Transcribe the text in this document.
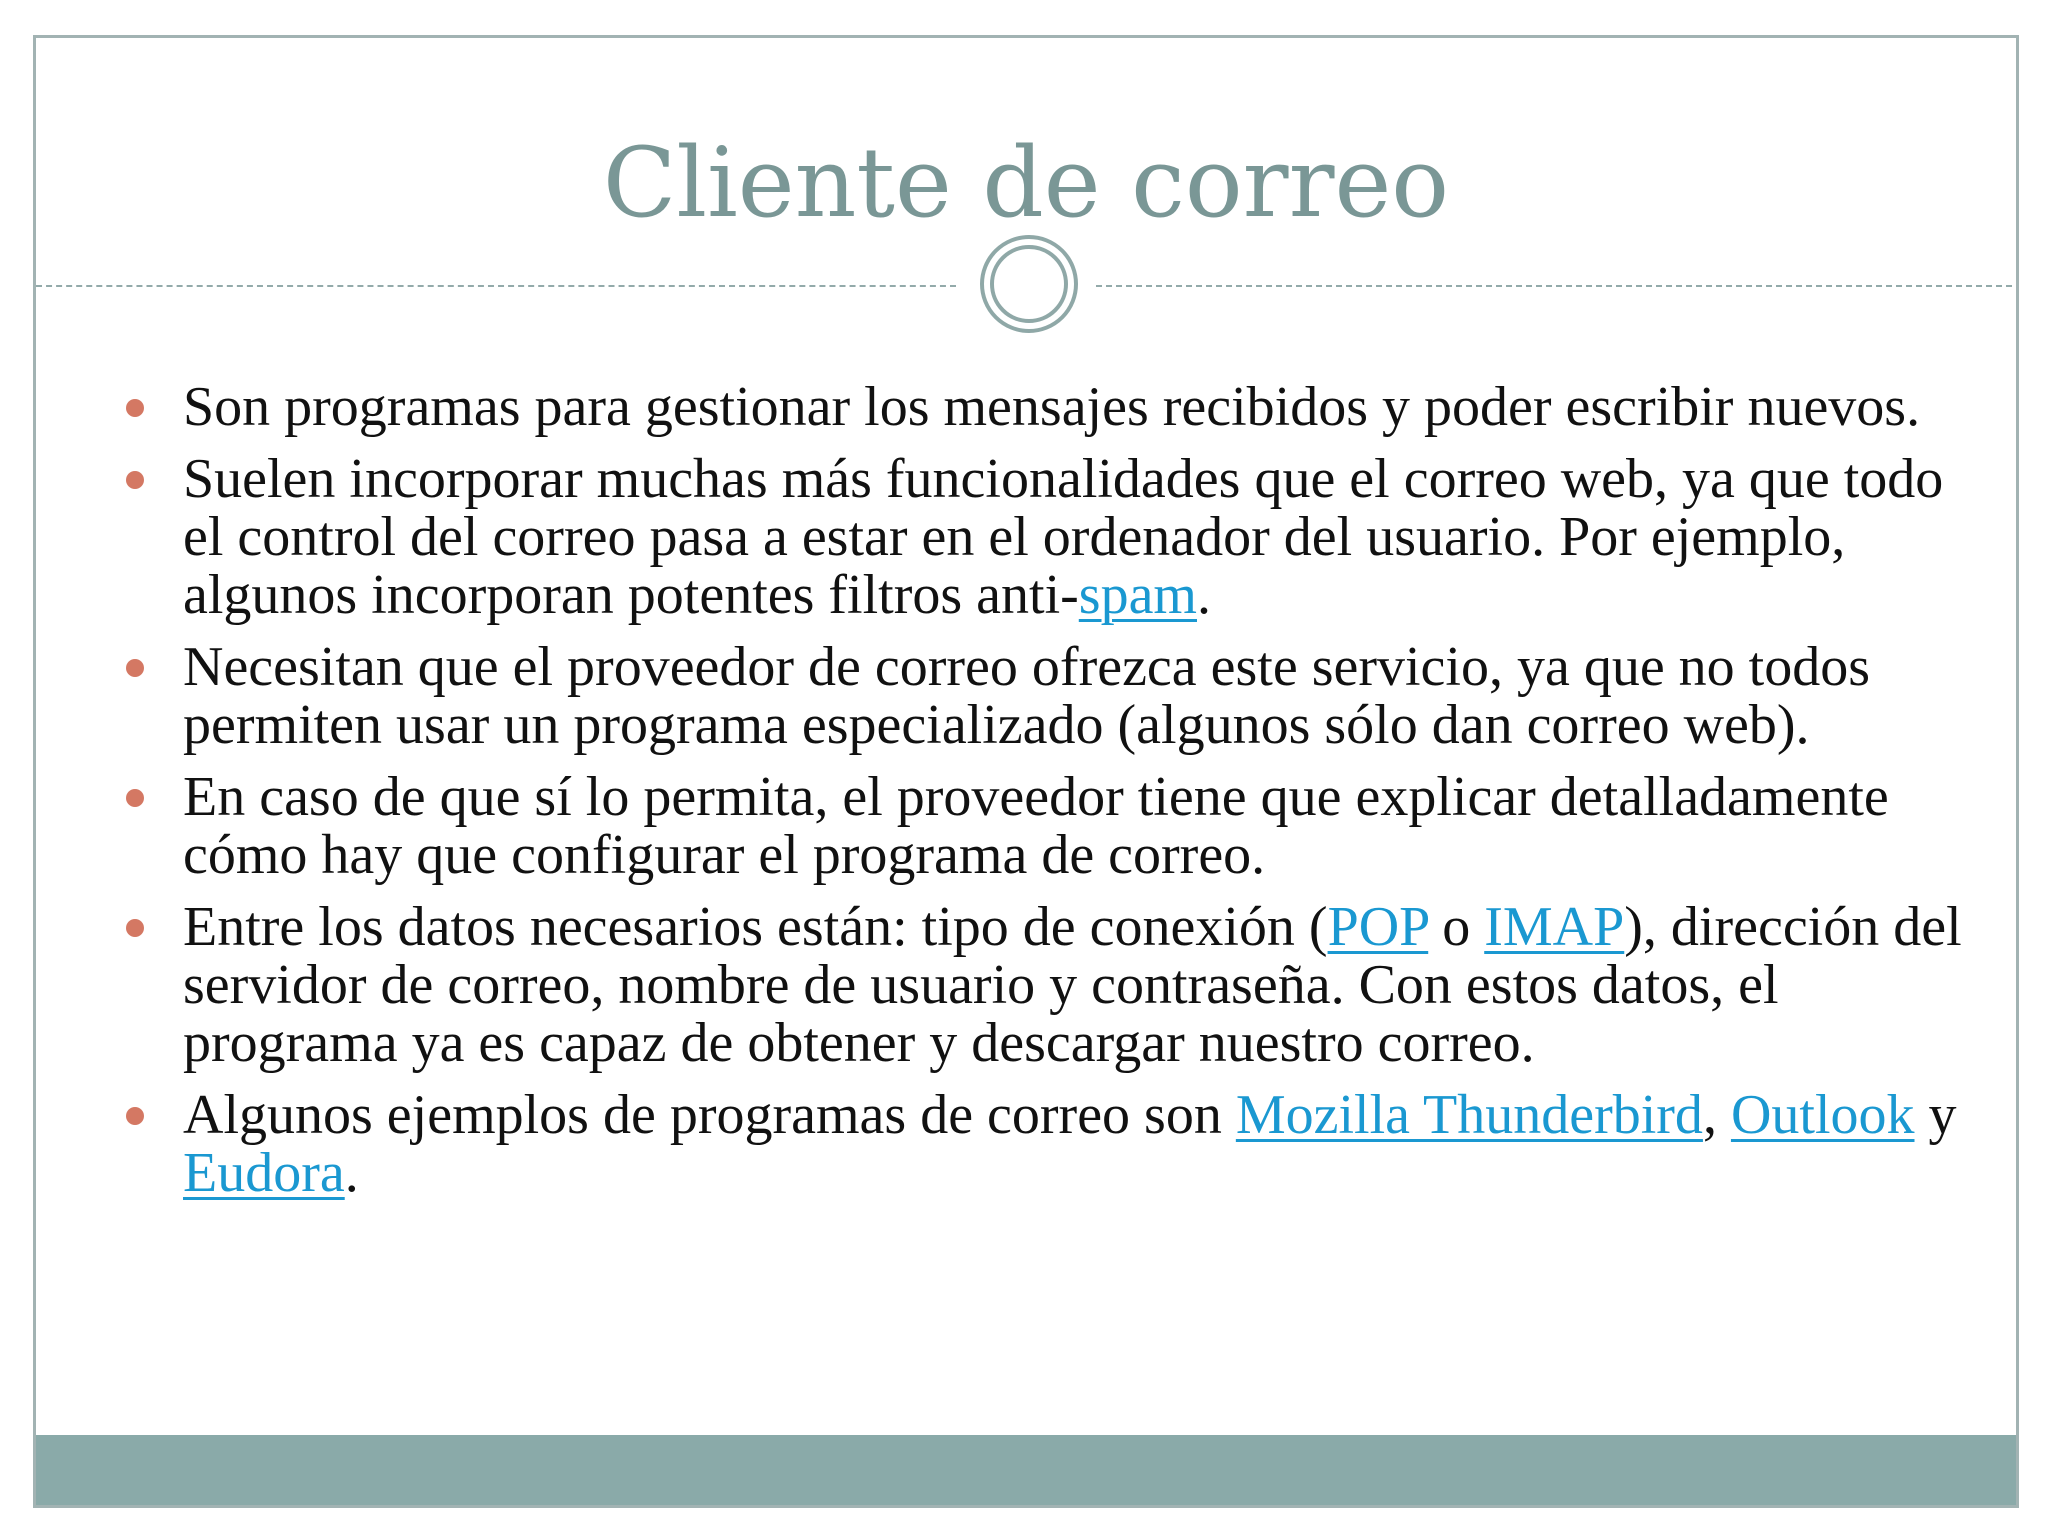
Cliente de correo
Son programas para gestionar los mensajes recibidos y poder escribir nuevos.
Suelen incorporar muchas más funcionalidades que el correo web, ya que todo el control del correo pasa a estar en el ordenador del usuario. Por ejemplo, algunos incorporan potentes filtros anti-spam.
Necesitan que el proveedor de correo ofrezca este servicio, ya que no todos permiten usar un programa especializado (algunos sólo dan correo web).
En caso de que sí lo permita, el proveedor tiene que explicar detalladamente cómo hay que configurar el programa de correo.
Entre los datos necesarios están: tipo de conexión (POP o IMAP), dirección del servidor de correo, nombre de usuario y contraseña. Con estos datos, el programa ya es capaz de obtener y descargar nuestro correo.
Algunos ejemplos de programas de correo son Mozilla Thunderbird, Outlook y Eudora.
